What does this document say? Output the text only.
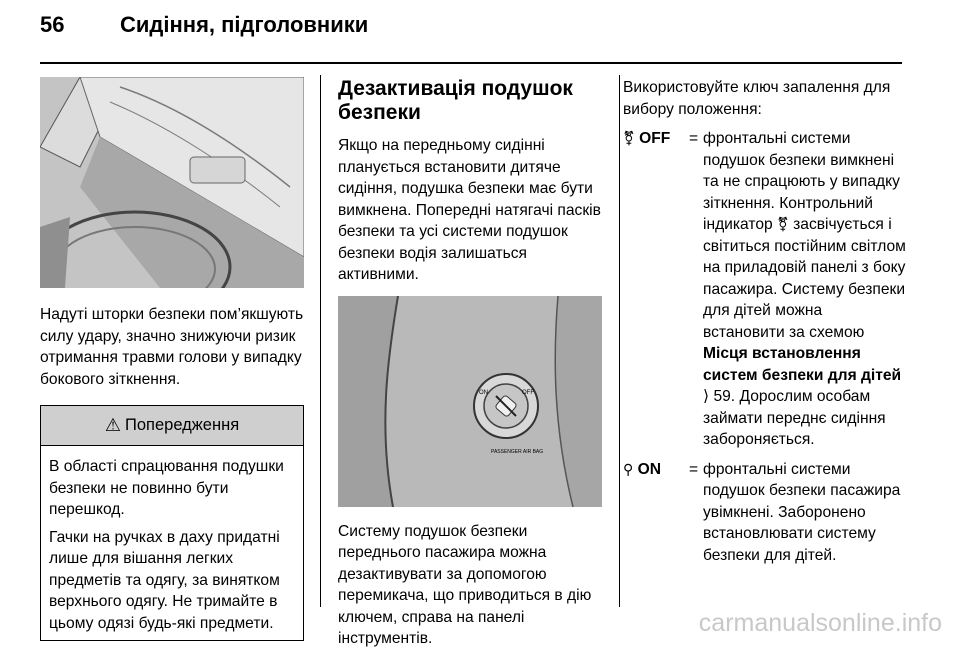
56	Сидіння, підголовники

Надуті шторки безпеки пом’якшують силу удару, значно знижуючи ризик отримання травми голови у випадку бокового зіткнення.

⚠ Попередження

В області спрацювання подушки безпеки не повинно бути перешкод.

Гачки на ручках в даху придатні лише для вішання легких предметів та одягу, за винятком верхнього одягу. Не тримайте в цьому одязі будь-які предмети.

Дезактивація подушок безпеки

Якщо на передньому сидінні планується встановити дитяче сидіння, подушка безпеки має бути вимкнена. Попередні натягачі пасків безпеки та усі системи подушок безпеки водія залишаться активними.

ON	OFF
PASSENGER AIR BAG

Систему подушок безпеки переднього пасажира можна дезактивувати за допомогою перемикача, що приводиться в дію ключем, справа на панелі інструментів.

Використовуйте ключ запалення для вибору положення:

⚧ OFF	= фронтальні системи подушок безпеки вимкнені та не спрацюють у випадку зіткнення. Контрольний індикатор ⚧ засвічується і світиться постійним світлом на приладовій панелі з боку пасажира. Систему безпеки для дітей можна встановити за схемою Місця встановлення систем безпеки для дітей ⟩ 59. Дорослим особам займати переднє сидіння забороняється.
⚲ ON	= фронтальні системи подушок безпеки пасажира увімкнені. Заборонено встановлювати систему безпеки для дітей.
carmanualsonline.info
